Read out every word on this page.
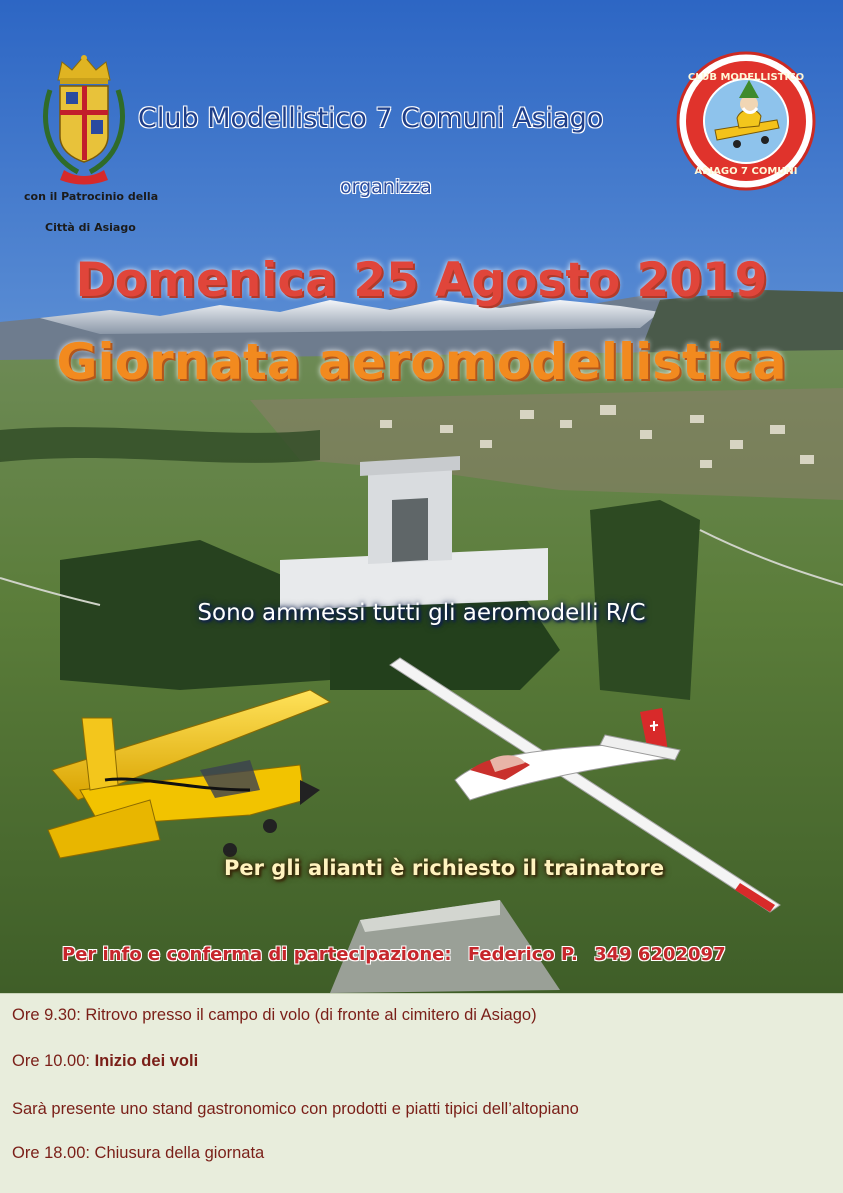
con il Patrocinio della
Città di Asiago
Club Modellistico 7 Comuni Asiago
organizza
CLUB MODELLISTICO
ASIAGO 7 COMUNI
Domenica 25 Agosto 2019
Giornata aeromodellistica
Sono ammessi tutti gli aeromodelli R/C
Per gli alianti è richiesto il trainatore
Per info e conferma di partecipazione: Federico P. 349 6202097
Ore 9.30: Ritrovo presso il campo di volo (di fronte al cimitero di Asiago)
Ore 10.00: Inizio dei voli
Sarà presente uno stand gastronomico con prodotti e piatti tipici dell’altopiano
Ore 18.00: Chiusura della giornata
